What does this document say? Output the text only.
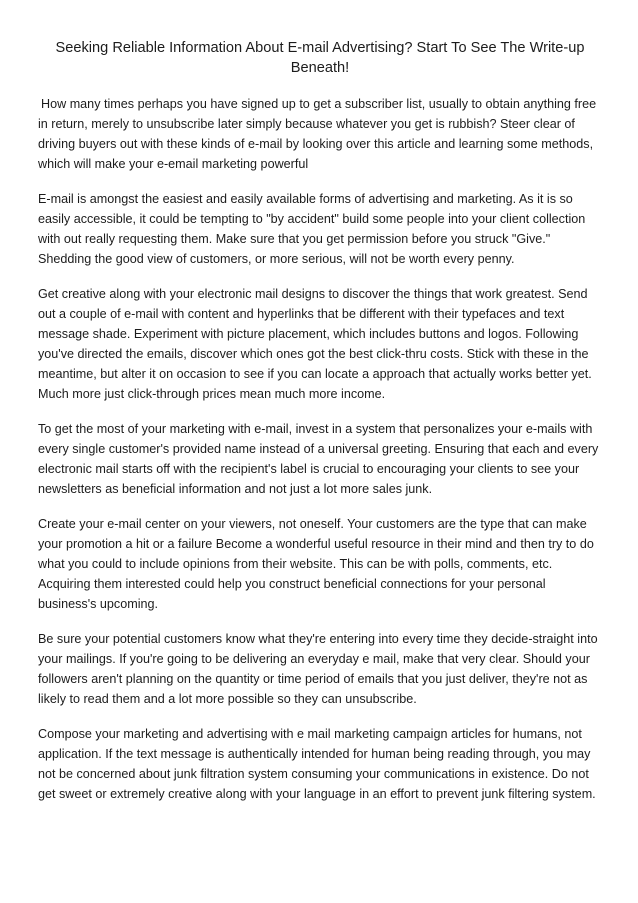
Seeking Reliable Information About E-mail Advertising? Start To See The Write-up Beneath!

How many times perhaps you have signed up to get a subscriber list, usually to obtain anything free in return, merely to unsubscribe later simply because whatever you get is rubbish? Steer clear of driving buyers out with these kinds of e-mail by looking over this article and learning some methods, which will make your e-email marketing powerful

E-mail is amongst the easiest and easily available forms of advertising and marketing. As it is so easily accessible, it could be tempting to "by accident" build some people into your client collection with out really requesting them. Make sure that you get permission before you struck "Give." Shedding the good view of customers, or more serious, will not be worth every penny.

Get creative along with your electronic mail designs to discover the things that work greatest. Send out a couple of e-mail with content and hyperlinks that be different with their typefaces and text message shade. Experiment with picture placement, which includes buttons and logos. Following you've directed the emails, discover which ones got the best click-thru costs. Stick with these in the meantime, but alter it on occasion to see if you can locate a approach that actually works better yet. Much more just click-through prices mean much more income.

To get the most of your marketing with e-mail, invest in a system that personalizes your e-mails with every single customer's provided name instead of a universal greeting. Ensuring that each and every electronic mail starts off with the recipient's label is crucial to encouraging your clients to see your newsletters as beneficial information and not just a lot more sales junk.

Create your e-mail center on your viewers, not oneself. Your customers are the type that can make your promotion a hit or a failure Become a wonderful useful resource in their mind and then try to do what you could to include opinions from their website. This can be with polls, comments, etc. Acquiring them interested could help you construct beneficial connections for your personal business's upcoming.

Be sure your potential customers know what they're entering into every time they decide-straight into your mailings. If you're going to be delivering an everyday e mail, make that very clear. Should your followers aren't planning on the quantity or time period of emails that you just deliver, they're not as likely to read them and a lot more possible so they can unsubscribe.

Compose your marketing and advertising with e mail marketing campaign articles for humans, not application. If the text message is authentically intended for human being reading through, you may not be concerned about junk filtration system consuming your communications in existence. Do not get sweet or extremely creative along with your language in an effort to prevent junk filtering system.
